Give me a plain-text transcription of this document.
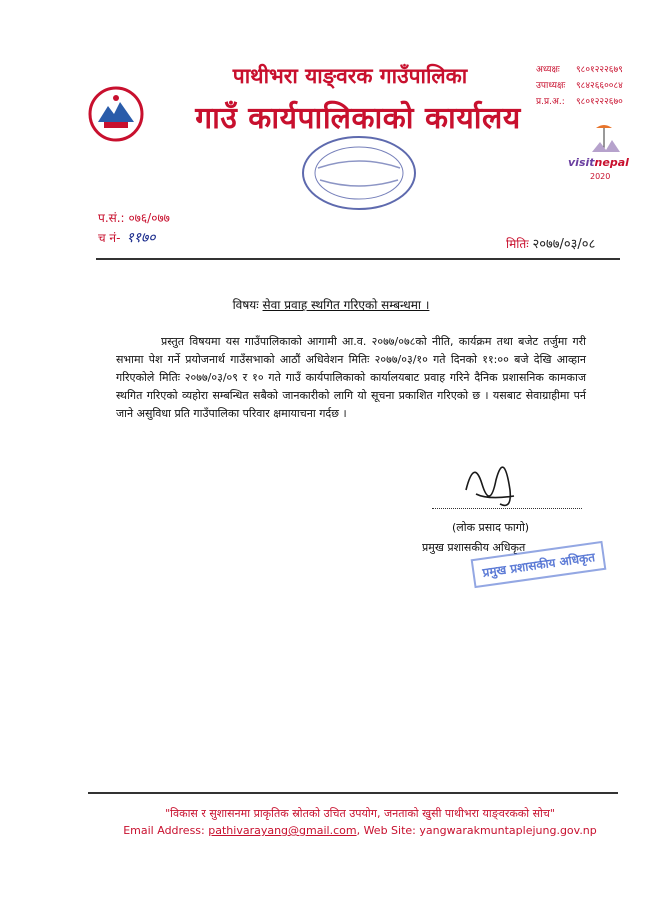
पाथीभरा याङ्वरक गाउँपालिका
गाउँ कार्यपालिकाको कार्यालय
अध्यक्षः ९८०१२२२६७९
उपाध्यक्षः ९८४२६६००८४
प्र.प्र.अ.: ९८०१२२२६७०
visitnepal
2020
प.सं.: ०७६/०७७
च नं- ११७०	मितिः २०७७/०३/०८
विषयः सेवा प्रवाह स्थगित गरिएको सम्बन्धमा ।
प्रस्तुत विषयमा यस गाउँपालिकाको आगामी आ.व. २०७७/०७८को नीति, कार्यक्रम तथा बजेट तर्जुमा गरी सभामा पेश गर्ने प्रयोजनार्थ गाउँसभाको आठौं अधिवेशन मितिः २०७७/०३/१० गते दिनको ११:०० बजे देखि आव्हान गरिएकोले मितिः २०७७/०३/०९ र १० गते गाउँ कार्यपालिकाको कार्यालयबाट प्रवाह गरिने दैनिक प्रशासनिक कामकाज स्थगित गरिएको व्यहोरा सम्बन्धित सबैको जानकारीको लागि यो सूचना प्रकाशित गरिएको छ । यसबाट सेवाग्राहीमा पर्न जाने असुविधा प्रति गाउँपालिका परिवार क्षमायाचना गर्दछ ।
(लोक प्रसाद फागो)
प्रमुख प्रशासकीय अधिकृत
प्रमुख प्रशासकीय अधिकृत
"विकास र सुशासनमा प्राकृतिक स्रोतको उचित उपयोग, जनताको खुसी पाथीभरा याङ्वरकको सोच"
Email Address: pathivarayang@gmail.com, Web Site: yangwarakmuntaplejung.gov.np
